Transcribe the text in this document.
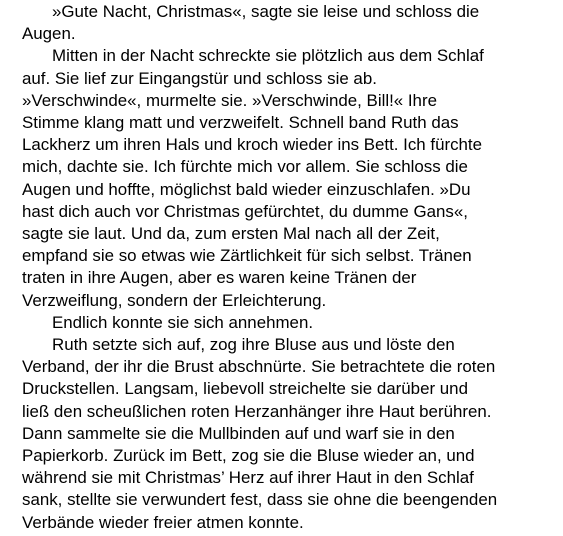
»Gute Nacht, Christmas«, sagte sie leise und schloss die
Augen.

Mitten in der Nacht schreckte sie plötzlich aus dem Schlaf
auf. Sie lief zur Eingangstür und schloss sie ab.
»Verschwinde«, murmelte sie. »Verschwinde, Bill!« Ihre
Stimme klang matt und verzweifelt. Schnell band Ruth das
Lackherz um ihren Hals und kroch wieder ins Bett. Ich fürchte
mich, dachte sie. Ich fürchte mich vor allem. Sie schloss die
Augen und hoffte, möglichst bald wieder einzuschlafen. »Du
hast dich auch vor Christmas gefürchtet, du dumme Gans«,
sagte sie laut. Und da, zum ersten Mal nach all der Zeit,
empfand sie so etwas wie Zärtlichkeit für sich selbst. Tränen
traten in ihre Augen, aber es waren keine Tränen der
Verzweiflung, sondern der Erleichterung.

Endlich konnte sie sich annehmen.

Ruth setzte sich auf, zog ihre Bluse aus und löste den
Verband, der ihr die Brust abschnürte. Sie betrachtete die roten
Druckstellen. Langsam, liebevoll streichelte sie darüber und
ließ den scheußlichen roten Herzanhänger ihre Haut berühren.
Dann sammelte sie die Mullbinden auf und warf sie in den
Papierkorb. Zurück im Bett, zog sie die Bluse wieder an, und
während sie mit Christmas’ Herz auf ihrer Haut in den Schlaf
sank, stellte sie verwundert fest, dass sie ohne die beengenden
Verbände wieder freier atmen konnte.
